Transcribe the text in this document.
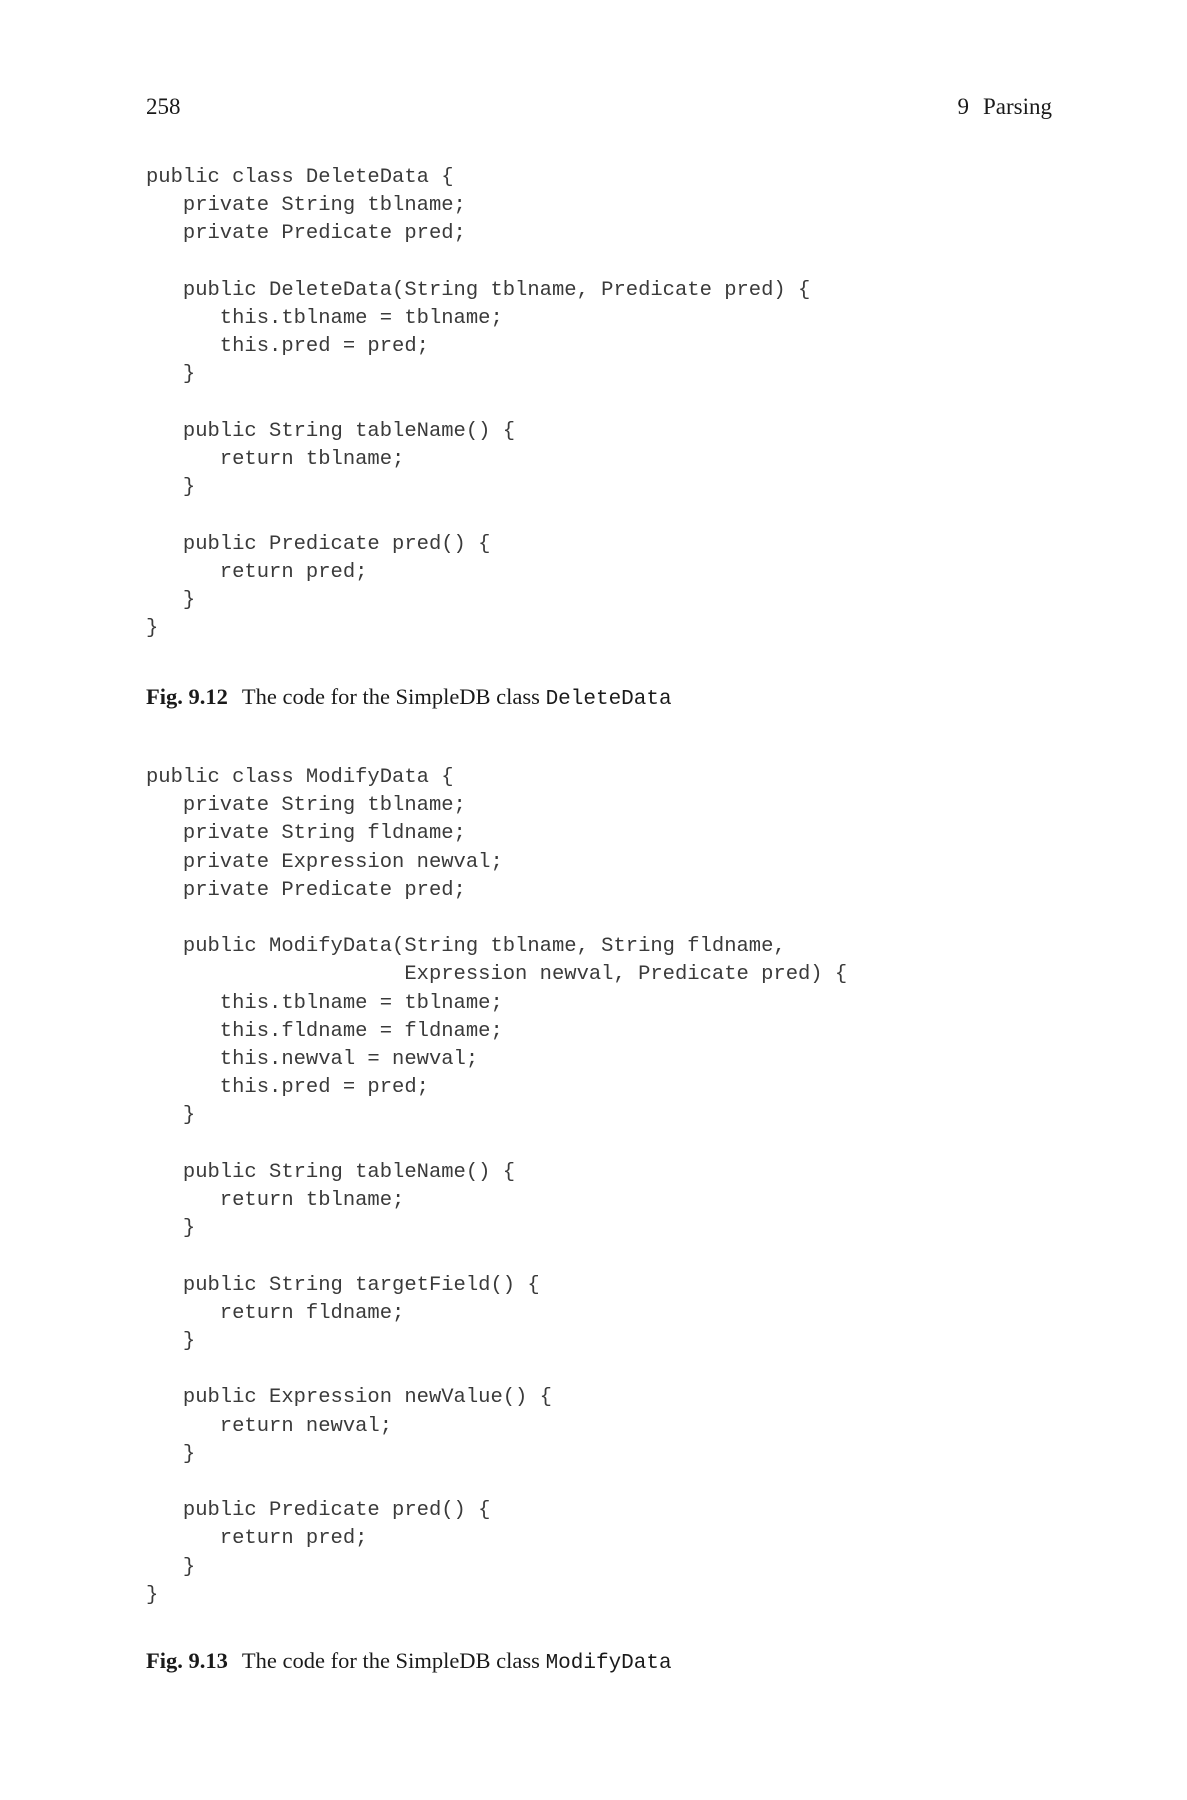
258	9 Parsing
public class DeleteData {
private String tblname;
private Predicate pred;
public DeleteData(String tblname, Predicate pred) {
this.tblname = tblname;
this.pred = pred;
}
public String tableName() {
return tblname;
}
public Predicate pred() {
return pred;
}
}
Fig. 9.12 The code for the SimpleDB class DeleteData
public class ModifyData {
private String tblname;
private String fldname;
private Expression newval;
private Predicate pred;
public ModifyData(String tblname, String fldname,
Expression newval, Predicate pred) {
this.tblname = tblname;
this.fldname = fldname;
this.newval = newval;
this.pred = pred;
}
public String tableName() {
return tblname;
}
public String targetField() {
return fldname;
}
public Expression newValue() {
return newval;
}
public Predicate pred() {
return pred;
}
}
Fig. 9.13 The code for the SimpleDB class ModifyData
